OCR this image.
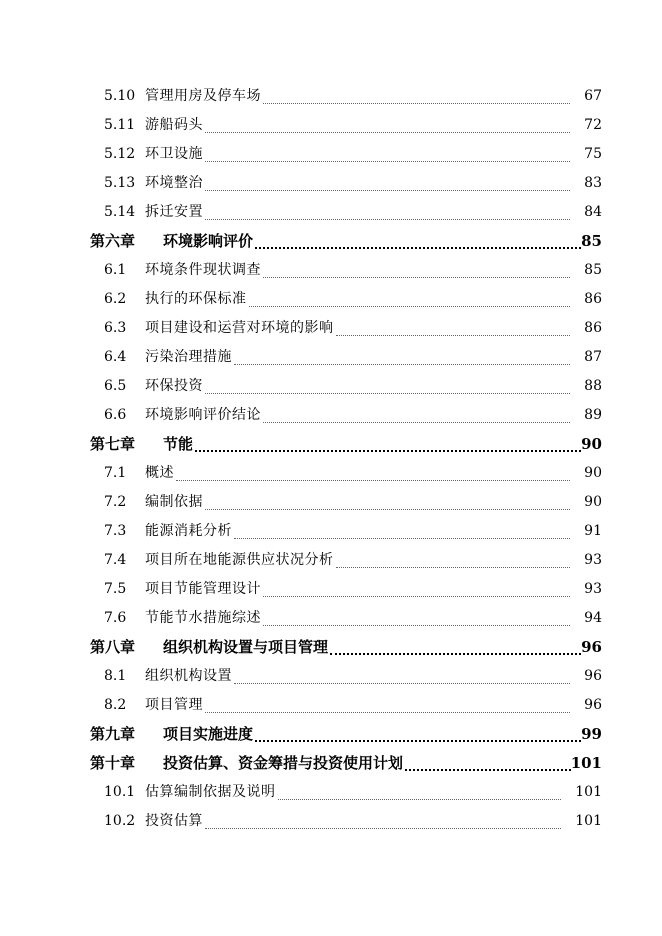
5.10 管理用房及停车场	67
5.11 游船码头	72
5.12 环卫设施	75
5.13 环境整治	83
5.14 拆迁安置	84
第六章	环境影响评价	85
6.1	环境条件现状调查	85
6.2	执行的环保标准	86
6.3	项目建设和运营对环境的影响	86
6.4	污染治理措施	87
6.5	环保投资	88
6.6	环境影响评价结论	89
第七章	节能	90
7.1	概述	90
7.2	编制依据	90
7.3	能源消耗分析	91
7.4	项目所在地能源供应状况分析	93
7.5	项目节能管理设计	93
7.6	节能节水措施综述	94
第八章	组织机构设置与项目管理	96
8.1	组织机构设置	96
8.2	项目管理	96
第九章	项目实施进度	99
第十章	投资估算、资金筹措与投资使用计划	101
10.1 估算编制依据及说明	101
10.2 投资估算	101
